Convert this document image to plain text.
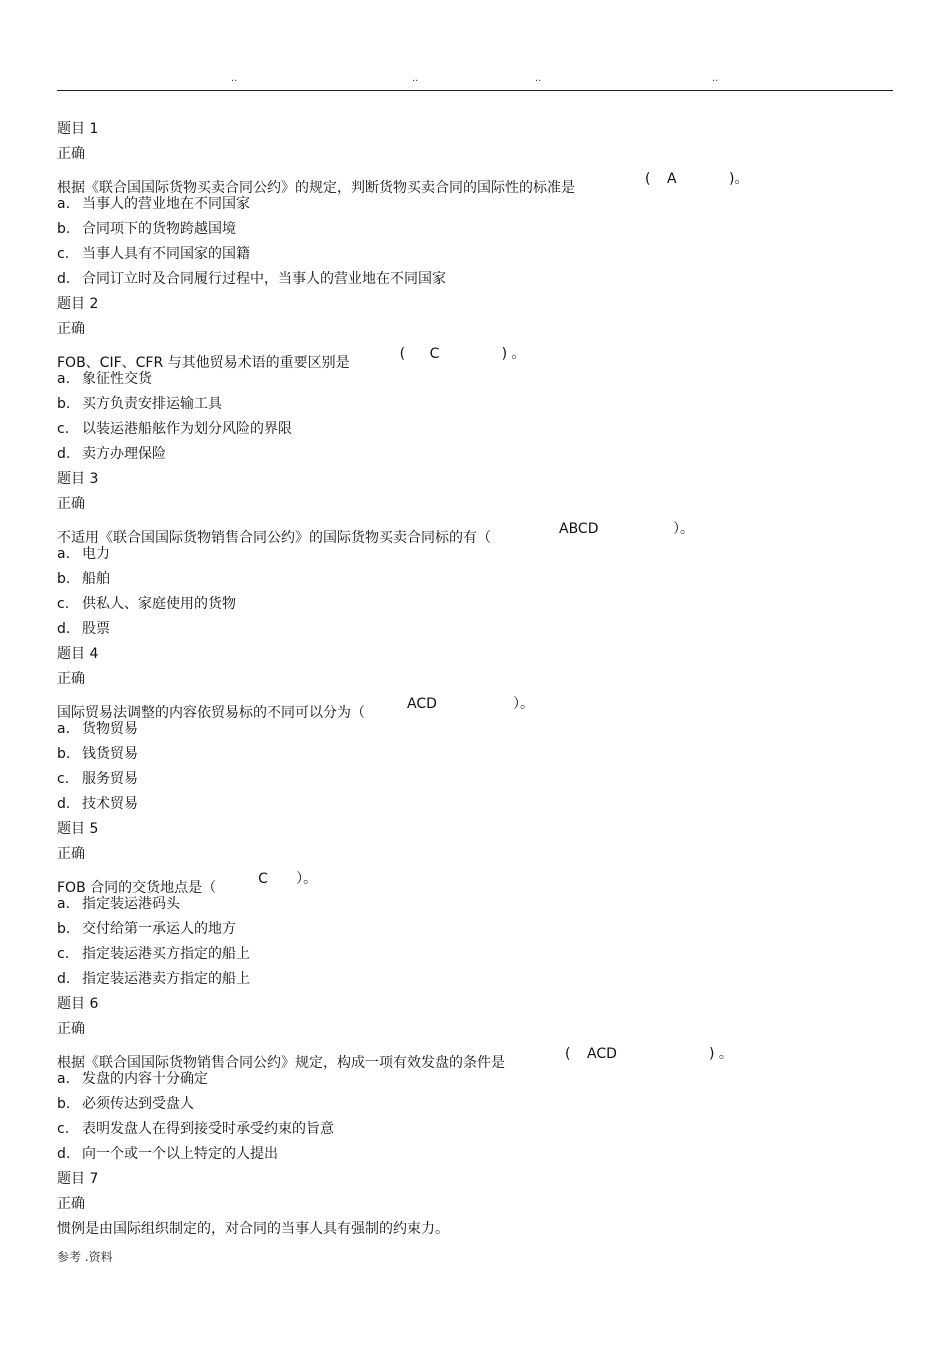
..	..	..	..
题目 1
正确
根据《联合国国际货物买卖合同公约》的规定，判断货物买卖合同的国际性的标准是
( A	)。
a. 当事人的营业地在不同国家
b. 合同项下的货物跨越国境
c. 当事人具有不同国家的国籍
d. 合同订立时及合同履行过程中，当事人的营业地在不同国家
题目 2
正确
FOB、CIF、CFR 与其他贸易术语的重要区别是
( C	) 。
a. 象征性交货
b. 买方负责安排运输工具
c. 以装运港船舷作为划分风险的界限
d. 卖方办理保险
题目 3
正确
不适用《联合国国际货物销售合同公约》的国际货物买卖合同标的有（
ABCD	）。
a. 电力
b. 船舶
c. 供私人、家庭使用的货物
d. 股票
题目 4
正确
国际贸易法调整的内容依贸易标的不同可以分为（
ACD	）。
a. 货物贸易
b. 钱货贸易
c. 服务贸易
d. 技术贸易
题目 5
正确
FOB 合同的交货地点是（
C ）。
a. 指定装运港码头
b. 交付给第一承运人的地方
c. 指定装运港买方指定的船上
d. 指定装运港卖方指定的船上
题目 6
正确
根据《联合国国际货物销售合同公约》规定，构成一项有效发盘的条件是
( ACD	) 。
a. 发盘的内容十分确定
b. 必须传达到受盘人
c. 表明发盘人在得到接受时承受约束的旨意
d. 向一个或一个以上特定的人提出
题目 7
正确
惯例是由国际组织制定的，对合同的当事人具有强制的约束力。
参考 .资料
